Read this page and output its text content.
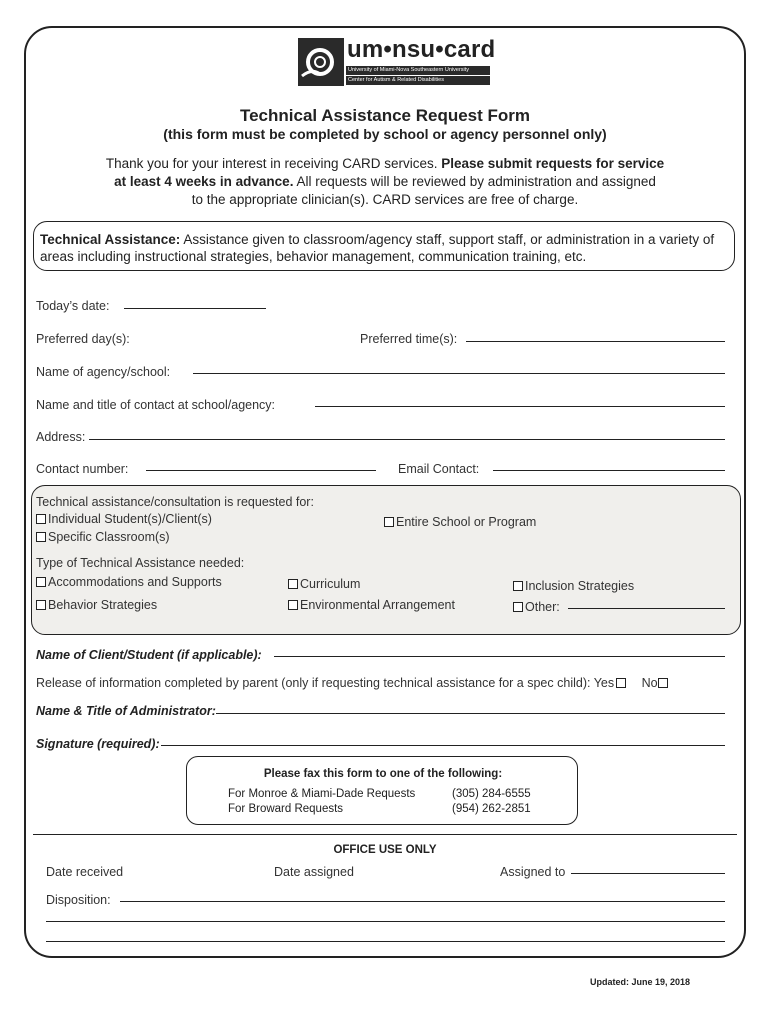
um•nsu•card
University of Miami-Nova Southeastern University
Center for Autism & Related Disabilities
Technical Assistance Request Form
(this form must be completed by school or agency personnel only)
Thank you for your interest in receiving CARD services. Please submit requests for service
at least 4 weeks in advance. All requests will be reviewed by administration and assigned
to the appropriate clinician(s). CARD services are free of charge.
Technical Assistance: Assistance given to classroom/agency staff, support staff, or administration in a variety of areas including instructional strategies, behavior management, communication training, etc.
Today’s date:
Preferred day(s):	Preferred time(s):
Name of agency/school:
Name and title of contact at school/agency:
Address:
Contact number:	Email Contact:
Technical assistance/consultation is requested for:
Individual Student(s)/Client(s)	Entire School or Program
Specific Classroom(s)
Type of Technical Assistance needed:
Accommodations and Supports	Curriculum	Inclusion Strategies
Behavior Strategies	Environmental Arrangement	Other:
Name of Client/Student (if applicable):
Release of information completed by parent (only if requesting technical assistance for a spec child): Yes No
Name & Title of Administrator:
Signature (required):
Please fax this form to one of the following:
For Monroe & Miami-Dade Requests	(305) 284-6555
For Broward Requests	(954) 262-2851
OFFICE USE ONLY
Date received	Date assigned	Assigned to
Disposition:
Updated: June 19, 2018
